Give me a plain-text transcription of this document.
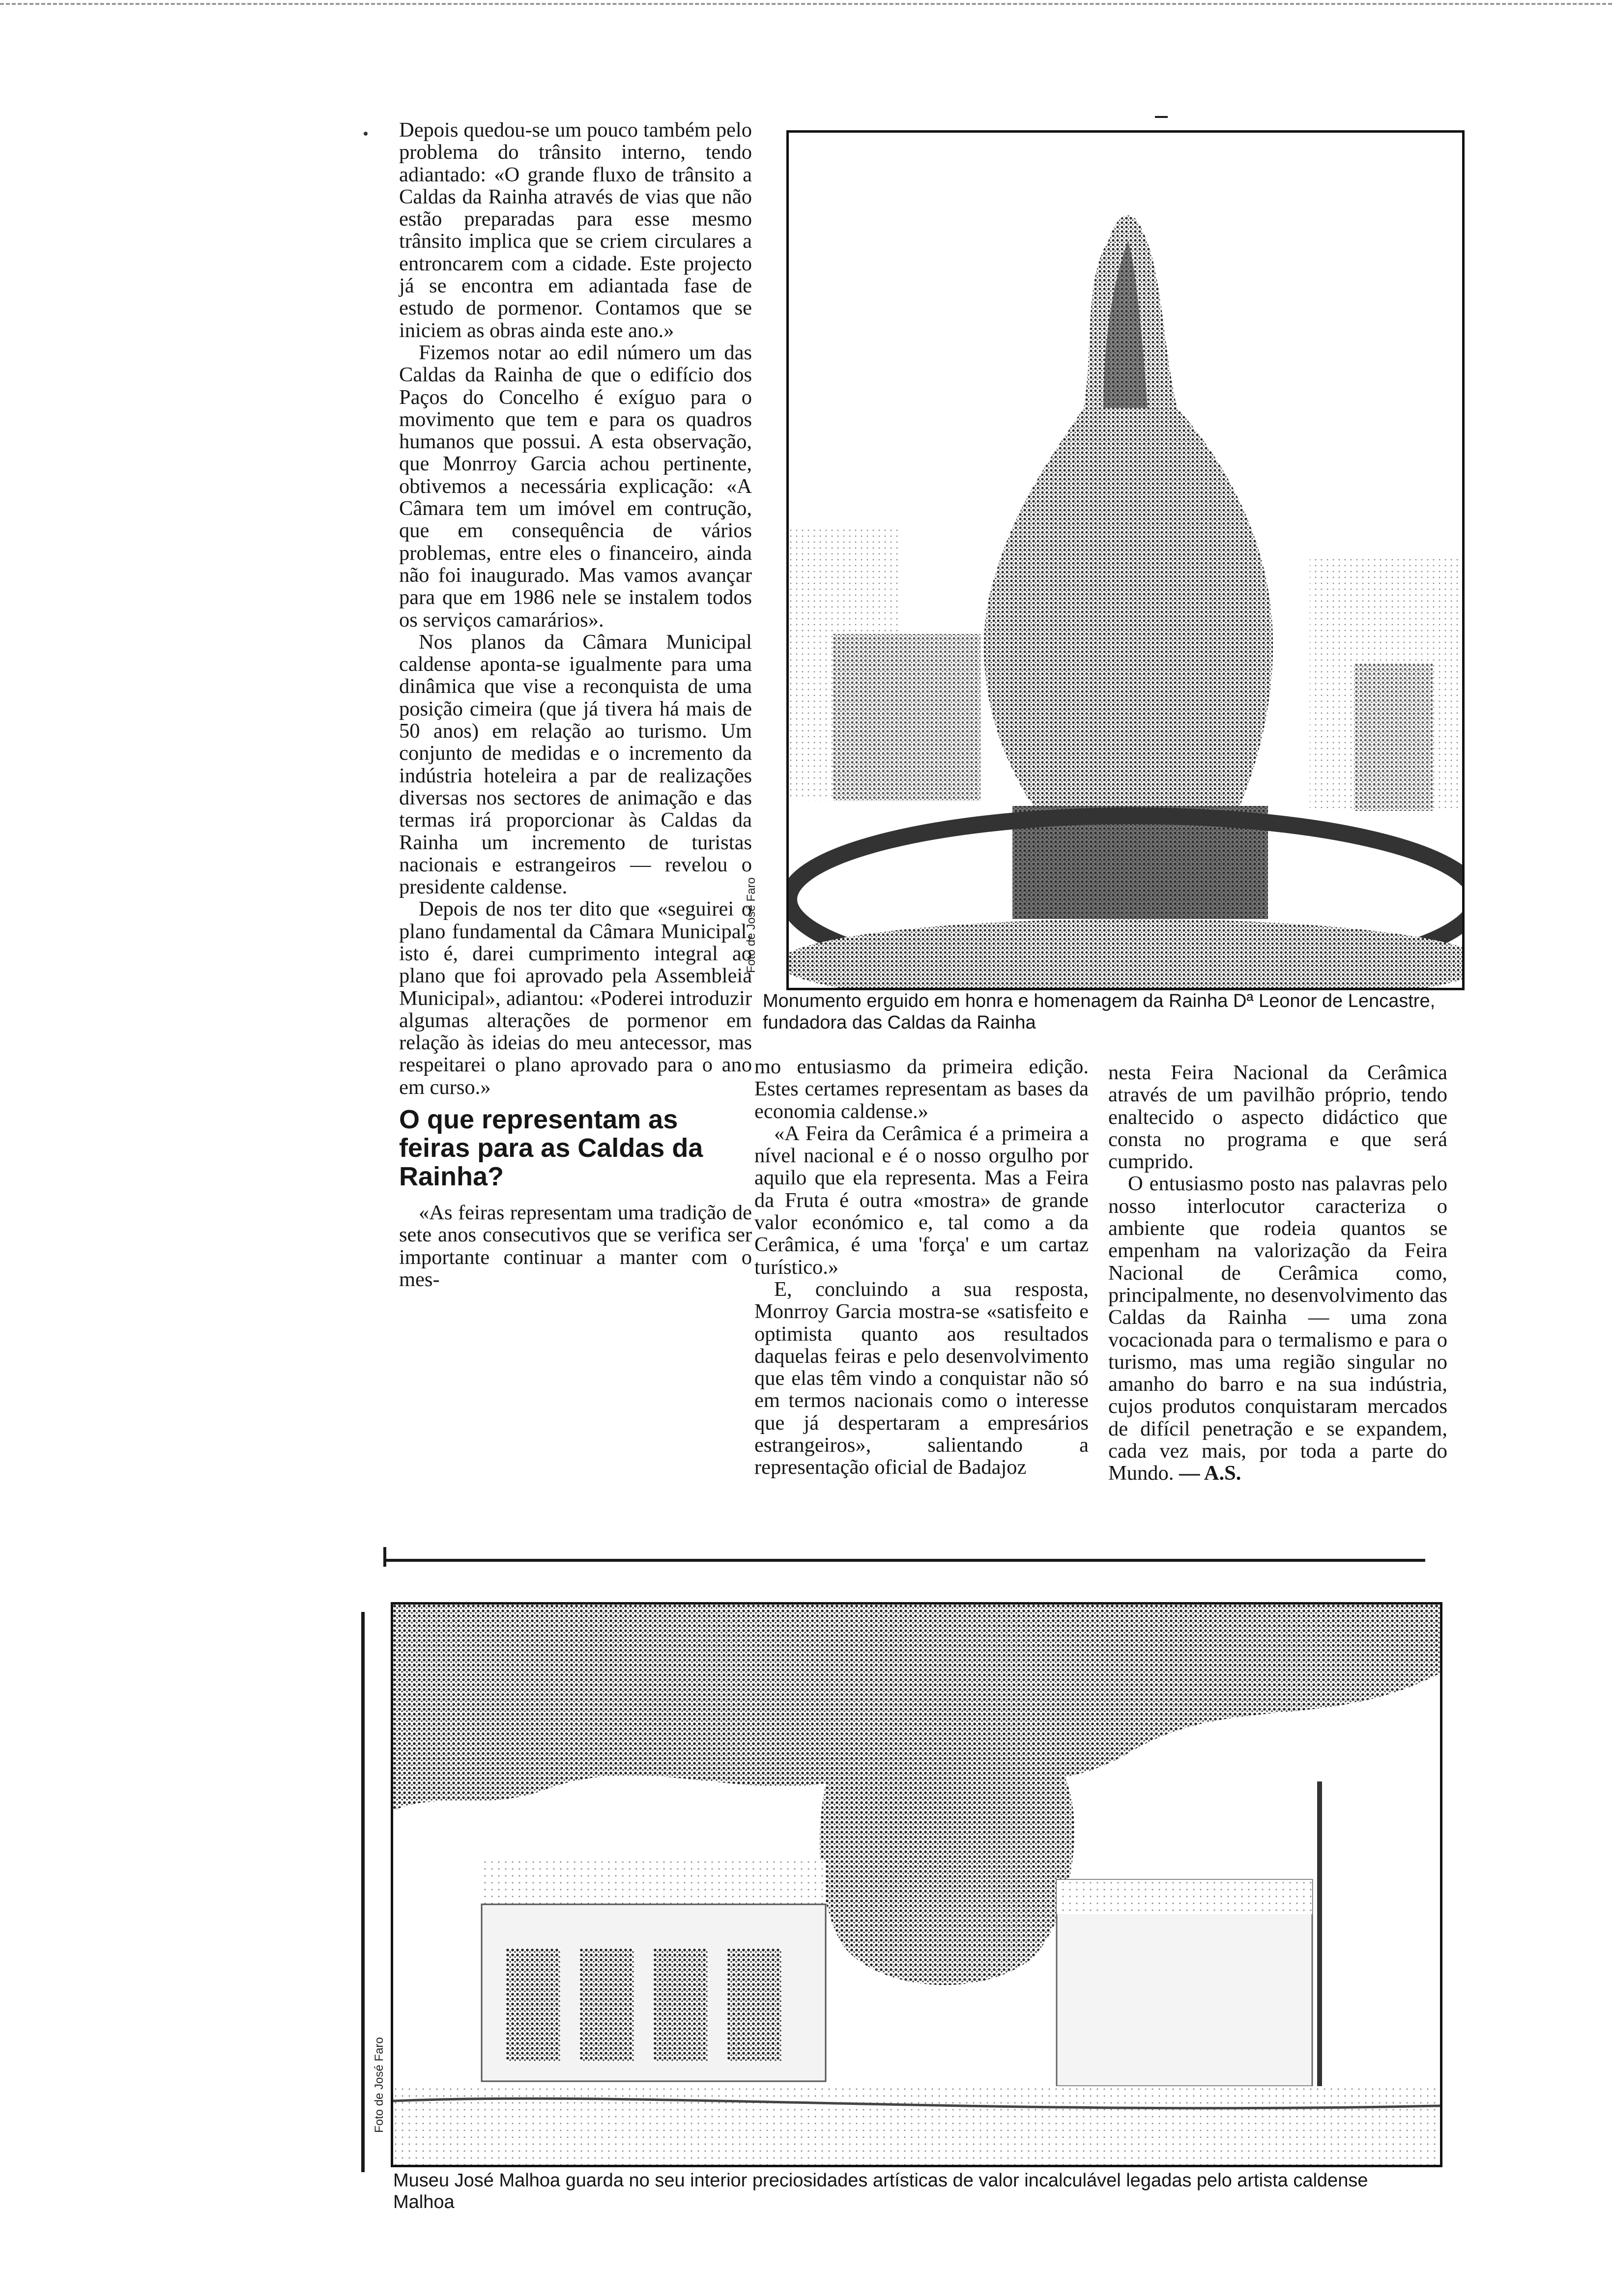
Depois quedou-se um pouco também pelo problema do trânsito interno, tendo adiantado: «O grande fluxo de trânsito a Caldas da Rainha através de vias que não estão preparadas para esse mesmo trânsito implica que se criem circulares a entroncarem com a cidade. Este projecto já se encontra em adiantada fase de estudo de pormenor. Contamos que se iniciem as obras ainda este ano.»

Fizemos notar ao edil número um das Caldas da Rainha de que o edifício dos Paços do Concelho é exíguo para o movimento que tem e para os quadros humanos que possui. A esta observação, que Monrroy Garcia achou pertinente, obtivemos a necessária explicação: «A Câmara tem um imóvel em contrução, que em consequência de vários problemas, entre eles o financeiro, ainda não foi inaugurado. Mas vamos avançar para que em 1986 nele se instalem todos os serviços camarários».

Nos planos da Câmara Municipal caldense aponta-se igualmente para uma dinâmica que vise a reconquista de uma posição cimeira (que já tivera há mais de 50 anos) em relação ao turismo. Um conjunto de medidas e o incremento da indústria hoteleira a par de realizações diversas nos sectores de animação e das termas irá proporcionar às Caldas da Rainha um incremento de turistas nacionais e estrangeiros — revelou o presidente caldense.

Depois de nos ter dito que «seguirei o plano fundamental da Câmara Municipal, isto é, darei cumprimento integral ao plano que foi aprovado pela Assembleia Municipal», adiantou: «Poderei introduzir algumas alterações de pormenor em relação às ideias do meu antecessor, mas respeitarei o plano aprovado para o ano em curso.»

O que representam as feiras para as Caldas da Rainha?

«As feiras representam uma tradição de sete anos consecutivos que se verifica ser importante continuar a manter com o mes-

Foto de José Faro
Monumento erguido em honra e homenagem da Rainha Dª Leonor de Lencastre, fundadora das Caldas da Rainha

mo entusiasmo da primeira edição. Estes certames representam as bases da economia caldense.»

«A Feira da Cerâmica é a primeira a nível nacional e é o nosso orgulho por aquilo que ela representa. Mas a Feira da Fruta é outra «mostra» de grande valor económico e, tal como a da Cerâmica, é uma 'força' e um cartaz turístico.»

E, concluindo a sua resposta, Monrroy Garcia mostra-se «satisfeito e optimista quanto aos resultados daquelas feiras e pelo desenvolvimento que elas têm vindo a conquistar não só em termos nacionais como o interesse que já despertaram a empresários estrangeiros», salientando a representação oficial de Badajoz

nesta Feira Nacional da Cerâmica através de um pavilhão próprio, tendo enaltecido o aspecto didáctico que consta no programa e que será cumprido.

O entusiasmo posto nas palavras pelo nosso interlocutor caracteriza o ambiente que rodeia quantos se empenham na valorização da Feira Nacional de Cerâmica como, principalmente, no desenvolvimento das Caldas da Rainha — uma zona vocacionada para o termalismo e para o turismo, mas uma região singular no amanho do barro e na sua indústria, cujos produtos conquistaram mercados de difícil penetração e se expandem, cada vez mais, por toda a parte do Mundo. — A.S.

Foto de José Faro
Museu José Malhoa guarda no seu interior preciosidades artísticas de valor incalculável legadas pelo artista caldense Malhoa
